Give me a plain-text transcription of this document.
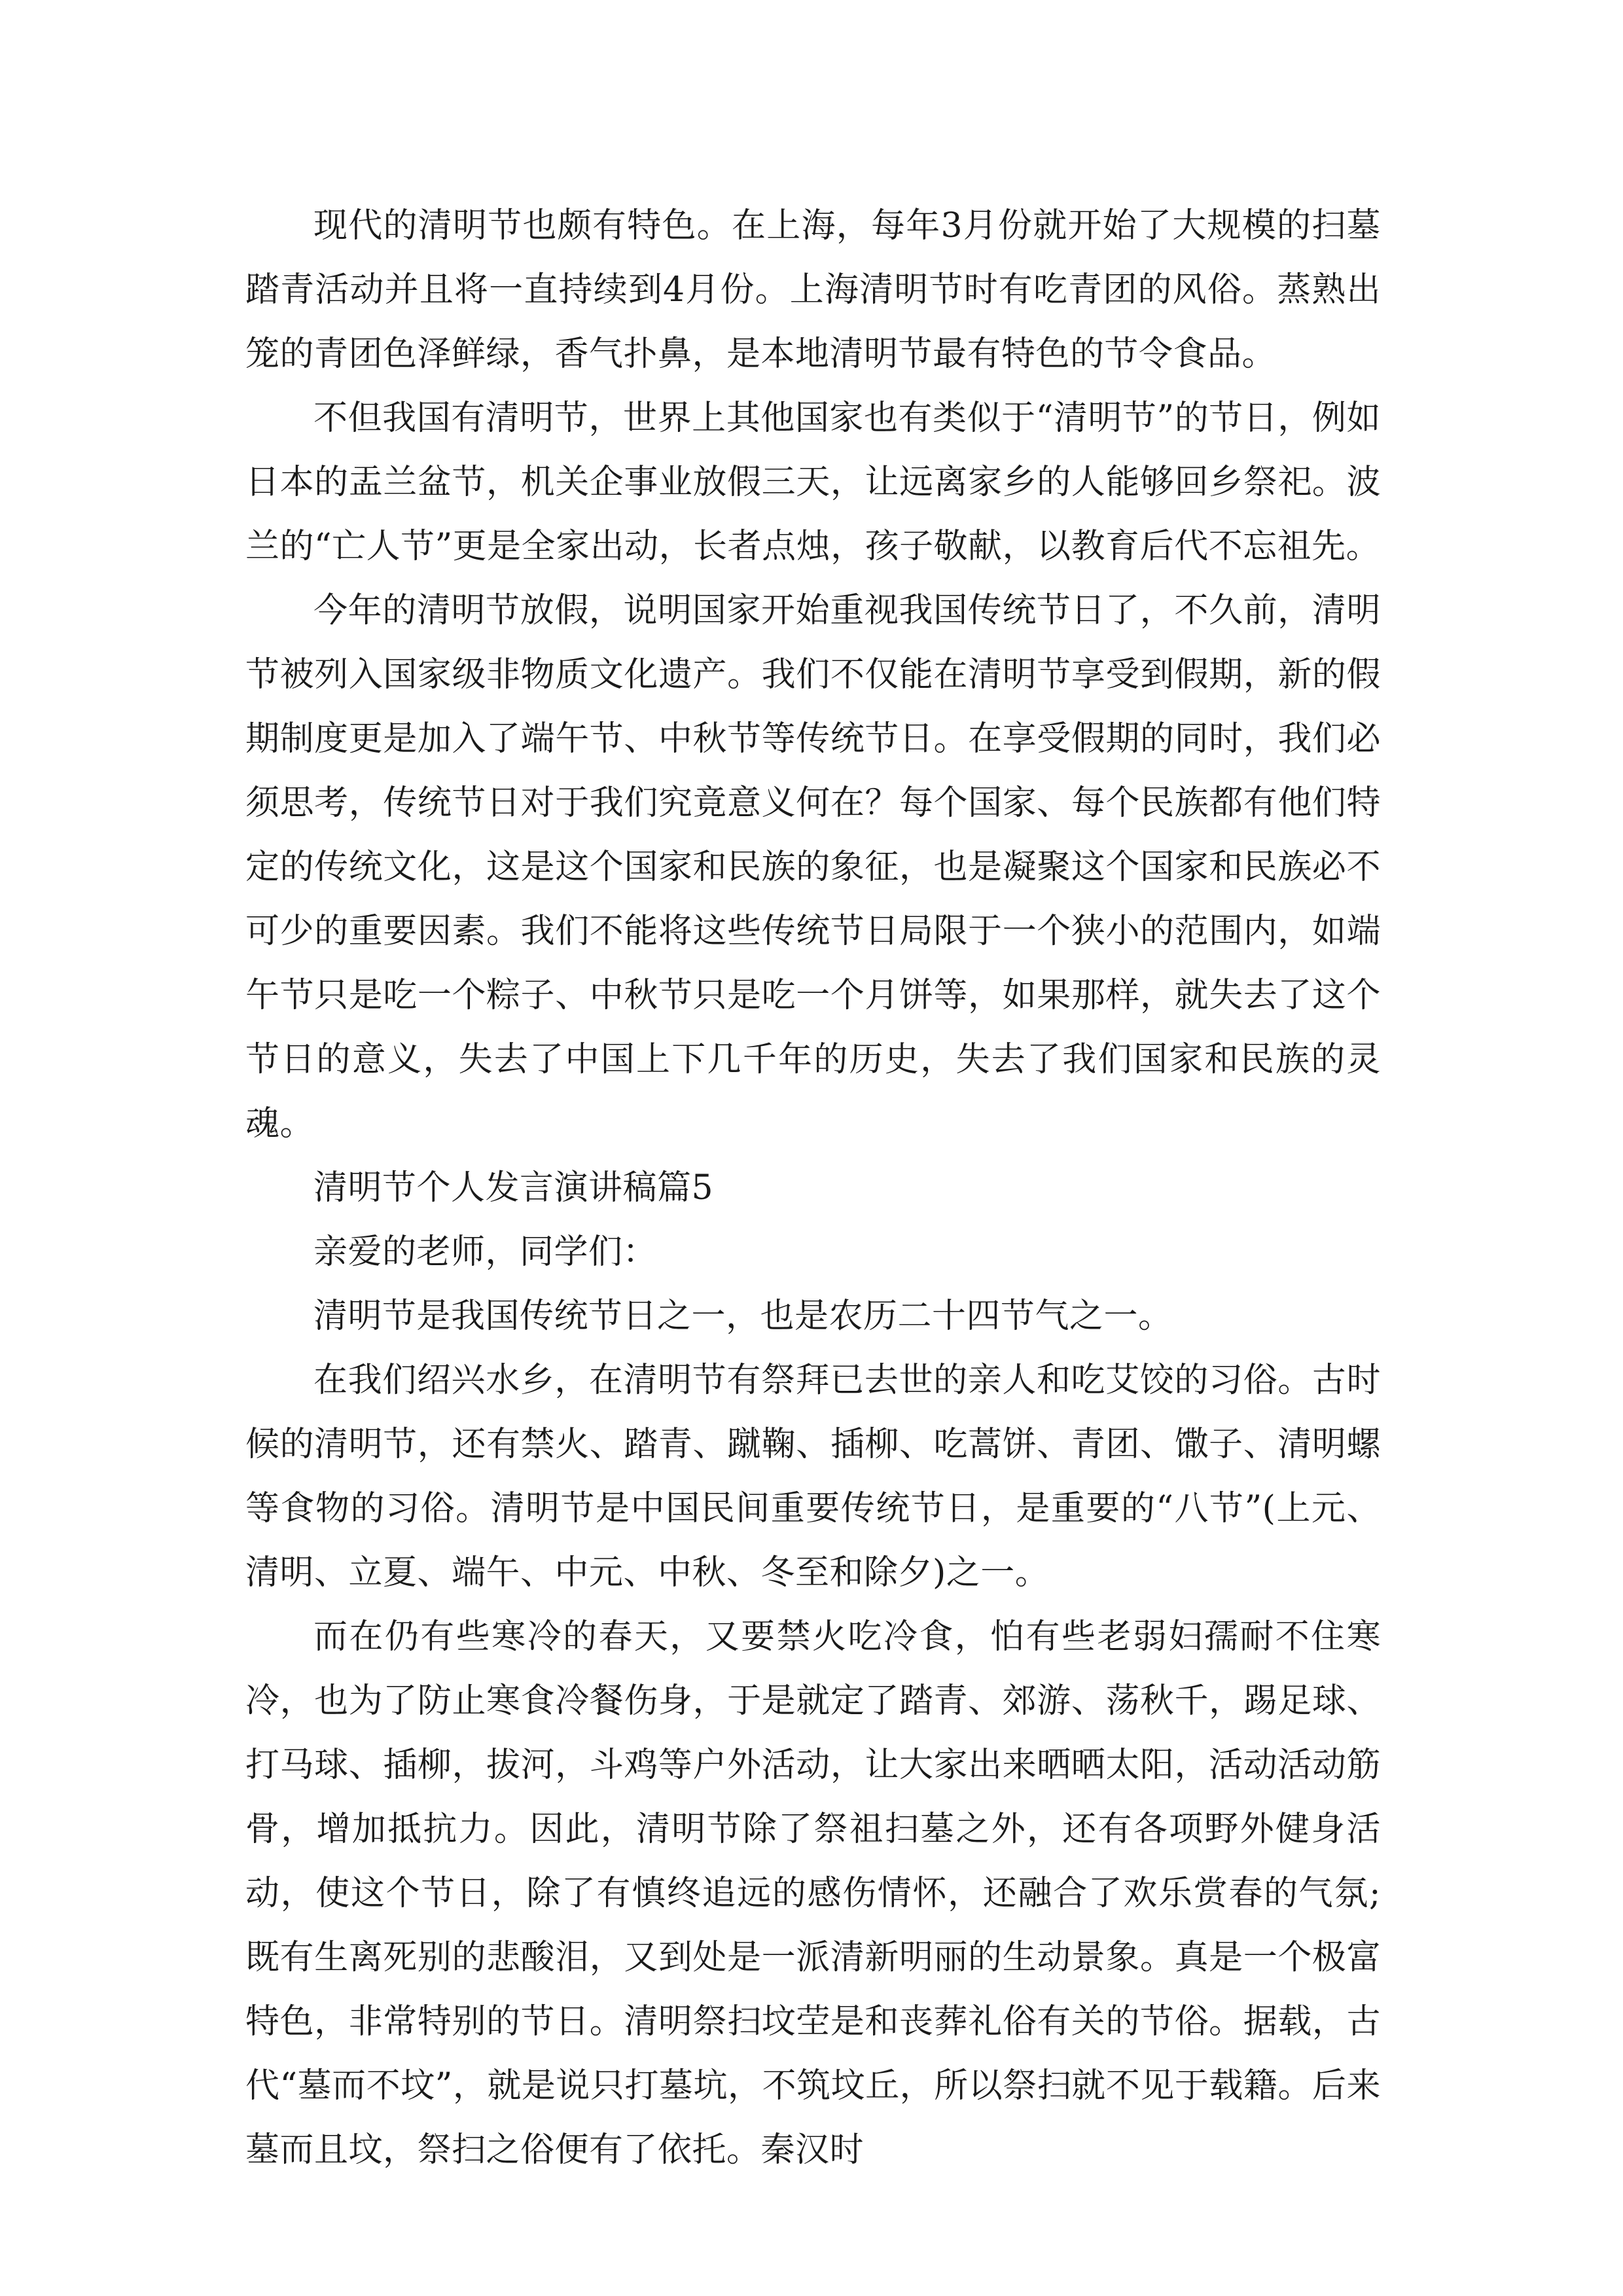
现代的清明节也颇有特色。在上海，每年3月份就开始了大规模的扫墓踏青活动并且将一直持续到4月份。上海清明节时有吃青团的风俗。蒸熟出笼的青团色泽鲜绿，香气扑鼻，是本地清明节最有特色的节令食品。

不但我国有清明节，世界上其他国家也有类似于“清明节”的节日，例如日本的盂兰盆节，机关企事业放假三天，让远离家乡的人能够回乡祭祀。波兰的“亡人节”更是全家出动，长者点烛，孩子敬献，以教育后代不忘祖先。

今年的清明节放假，说明国家开始重视我国传统节日了，不久前，清明节被列入国家级非物质文化遗产。我们不仅能在清明节享受到假期，新的假期制度更是加入了端午节、中秋节等传统节日。在享受假期的同时，我们必须思考，传统节日对于我们究竟意义何在？每个国家、每个民族都有他们特定的传统文化，这是这个国家和民族的象征，也是凝聚这个国家和民族必不可少的重要因素。我们不能将这些传统节日局限于一个狭小的范围内，如端午节只是吃一个粽子、中秋节只是吃一个月饼等，如果那样，就失去了这个节日的意义，失去了中国上下几千年的历史，失去了我们国家和民族的灵魂。

清明节个人发言演讲稿篇5

亲爱的老师，同学们：

清明节是我国传统节日之一，也是农历二十四节气之一。

在我们绍兴水乡，在清明节有祭拜已去世的亲人和吃艾饺的习俗。古时候的清明节，还有禁火、踏青、蹴鞠、插柳、吃蒿饼、青团、馓子、清明螺等食物的习俗。清明节是中国民间重要传统节日，是重要的“八节”(上元、清明、立夏、端午、中元、中秋、冬至和除夕)之一。

而在仍有些寒冷的春天，又要禁火吃冷食，怕有些老弱妇孺耐不住寒冷，也为了防止寒食冷餐伤身，于是就定了踏青、郊游、荡秋千，踢足球、打马球、插柳，拔河，斗鸡等户外活动，让大家出来晒晒太阳，活动活动筋骨，增加抵抗力。因此，清明节除了祭祖扫墓之外，还有各项野外健身活动，使这个节日，除了有慎终追远的感伤情怀，还融合了欢乐赏春的气氛;既有生离死别的悲酸泪，又到处是一派清新明丽的生动景象。真是一个极富特色，非常特别的节日。清明祭扫坟茔是和丧葬礼俗有关的节俗。据载，古代“墓而不坟”，就是说只打墓坑，不筑坟丘，所以祭扫就不见于载籍。后来墓而且坟，祭扫之俗便有了依托。秦汉时
